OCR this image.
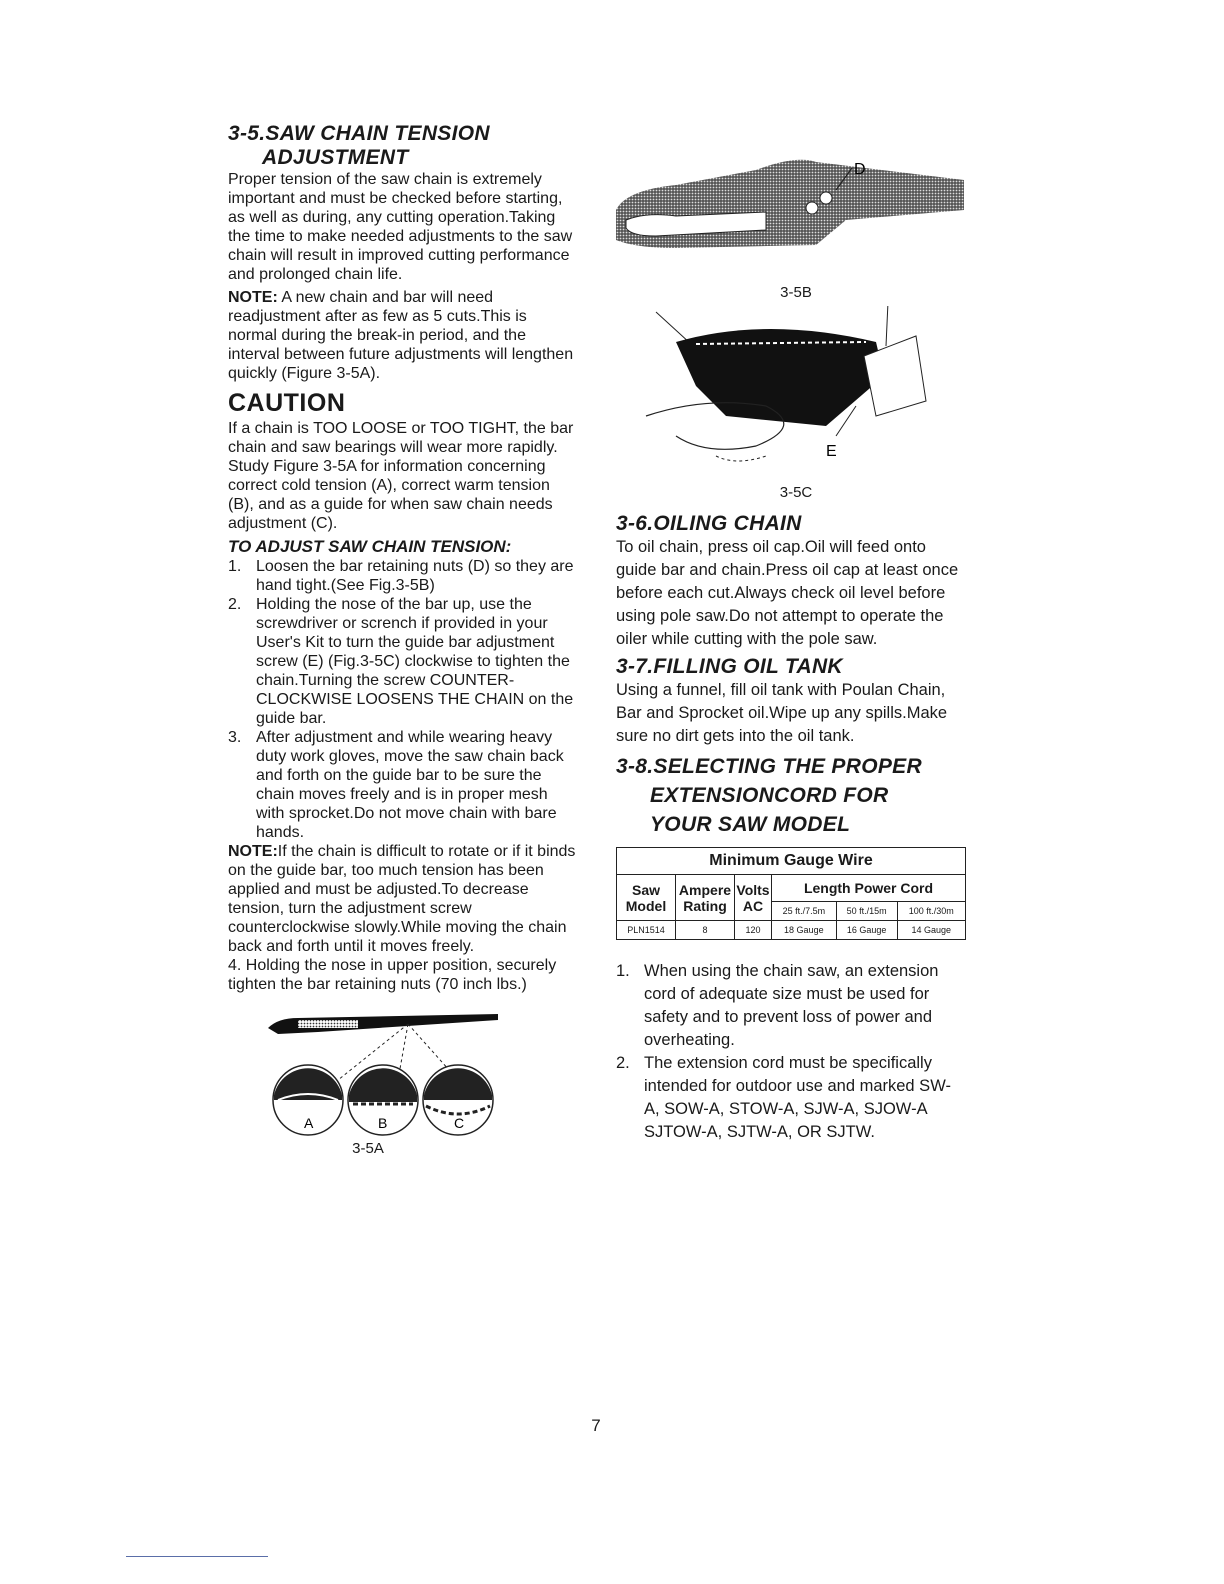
3-5.SAW CHAIN TENSION
ADJUSTMENT

Proper tension of the saw chain is extremely important and must be checked before starting, as well as during, any cutting operation.Taking the time to make needed adjustments to the saw chain will result in improved cutting performance and prolonged chain life.

NOTE: A new chain and bar will need readjustment after as few as 5 cuts.This is normal during the break-in period, and the interval between future adjustments will lengthen quickly (Figure 3-5A).

CAUTION

If a chain is TOO LOOSE or TOO TIGHT, the bar chain and saw bearings will wear more rapidly. Study Figure 3-5A for information concerning correct cold tension (A), correct warm tension (B), and as a guide for when saw chain needs adjustment (C).

TO ADJUST SAW CHAIN TENSION:
1. Loosen the bar retaining nuts (D) so they are hand tight.(See Fig.3-5B)
2. Holding the nose of the bar up, use the screwdriver or scrench if provided in your User's Kit to turn the guide bar adjustment screw (E) (Fig.3-5C) clockwise to tighten the chain.Turning the screw COUNTER-CLOCKWISE LOOSENS THE CHAIN on the guide bar.
3. After adjustment and while wearing heavy duty work gloves, move the saw chain back and forth on the guide bar to be sure the chain moves freely and is in proper mesh with sprocket.Do not move chain with bare hands.

NOTE:If the chain is difficult to rotate or if it binds on the guide bar, too much tension has been applied and must be adjusted.To decrease tension, turn the adjustment screw counterclockwise slowly.While moving the chain back and forth until it moves freely.

4. Holding the nose in upper position, securely tighten the bar retaining nuts (70 inch lbs.)

A	B	C
3-5A
D
3-5B
E
3-5C
3-6.OILING CHAIN

To oil chain, press oil cap.Oil will feed onto guide bar and chain.Press oil cap at least once before each cut.Always check oil level before using pole saw.Do not attempt to operate the oiler while cutting with the pole saw.

3-7.FILLING OIL TANK

Using a funnel, fill oil tank with Poulan Chain, Bar and Sprocket oil.Wipe up any spills.Make sure no dirt gets into the oil tank.

3-8.SELECTING THE PROPER
EXTENSIONCORD FOR
YOUR SAW MODEL
Minimum Gauge Wire					
Saw Model	Ampere Rating	Volts AC	Length Power Cord		
			25 ft./7.5m	50 ft./15m	100 ft./30m
PLN1514	8	120	18 Gauge	16 Gauge	14 Gauge
1. When using the chain saw, an extension cord of adequate size must be used for safety and to prevent loss of power and overheating.
2. The extension cord must be specifically intended for outdoor use and marked SW-A, SOW-A, STOW-A, SJW-A, SJOW-A SJTOW-A, SJTW-A, OR SJTW.
7
